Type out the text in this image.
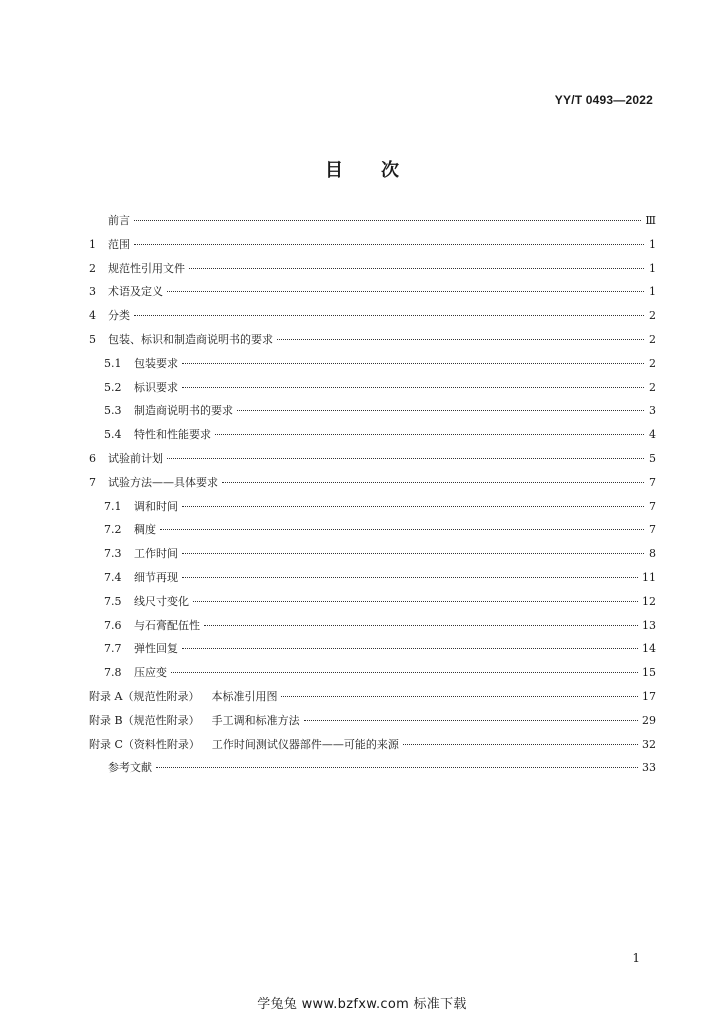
YY/T 0493—2022
目 次
前言	Ⅲ
1	范围	1
2	规范性引用文件	1
3	术语及定义	1
4	分类	2
5	包装、标识和制造商说明书的要求	2
5.1	包装要求	2
5.2	标识要求	2
5.3	制造商说明书的要求	3
5.4	特性和性能要求	4
6	试验前计划	5
7	试验方法——具体要求	7
7.1	调和时间	7
7.2	稠度	7
7.3	工作时间	8
7.4	细节再现	11
7.5	线尺寸变化	12
7.6	与石膏配伍性	13
7.7	弹性回复	14
7.8	压应变	15
附录 A（规范性附录） 本标准引用图	17
附录 B（规范性附录） 手工调和标准方法	29
附录 C（资料性附录） 工作时间测试仪器部件——可能的来源	32
参考文献	33
1
学兔兔 www.bzfxw.com 标准下载
